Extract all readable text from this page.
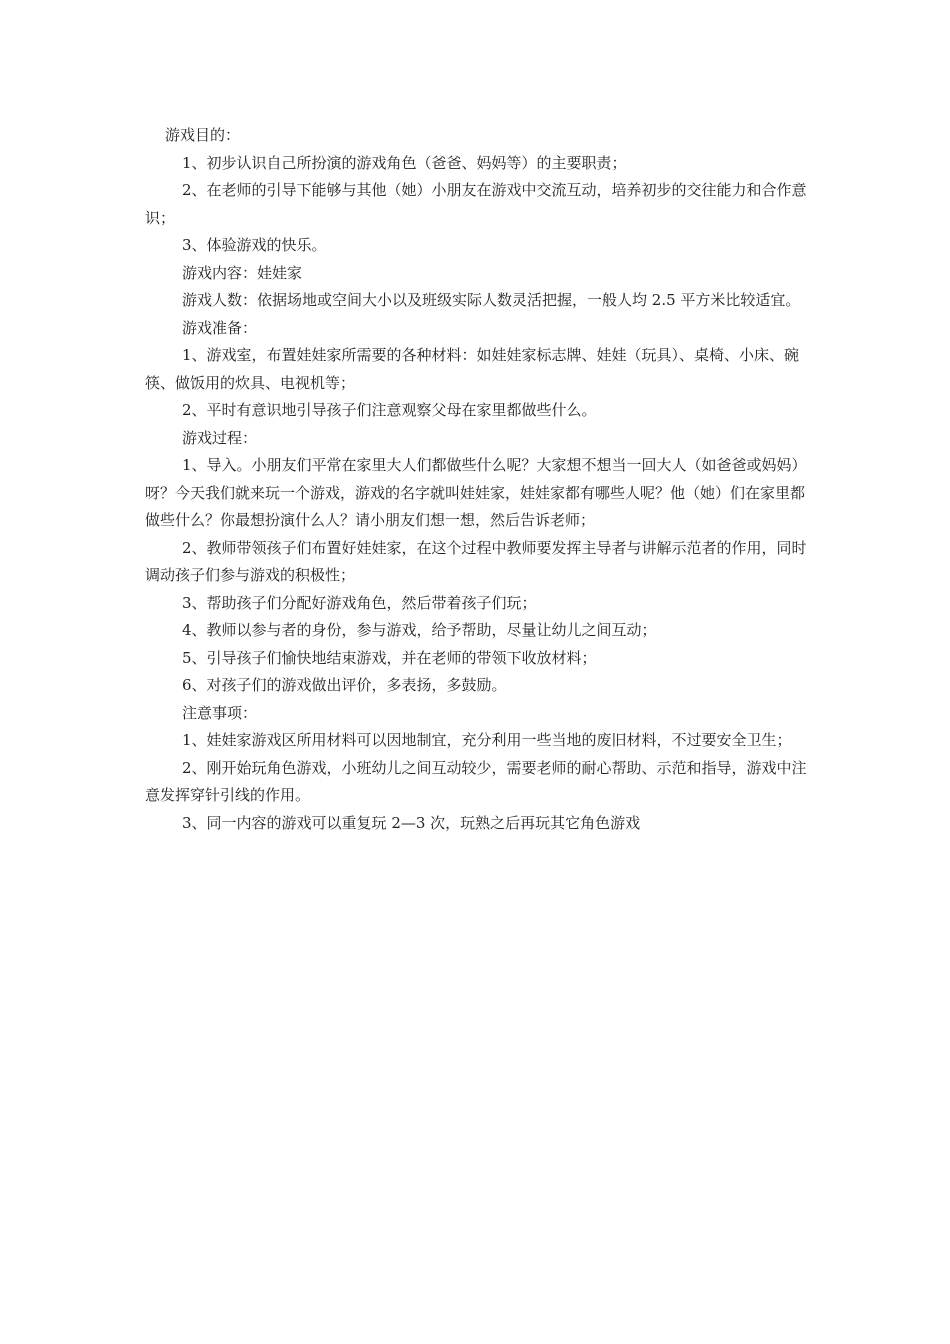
游戏目的：

1、初步认识自己所扮演的游戏角色（爸爸、妈妈等）的主要职责；

2、在老师的引导下能够与其他（她）小朋友在游戏中交流互动，培养初步的交往能力和合作意识；

3、体验游戏的快乐。

游戏内容：娃娃家

游戏人数：依据场地或空间大小以及班级实际人数灵活把握，一般人均 2.5 平方米比较适宜。

游戏准备：

1、游戏室，布置娃娃家所需要的各种材料：如娃娃家标志牌、娃娃（玩具）、桌椅、小床、碗筷、做饭用的炊具、电视机等；

2、平时有意识地引导孩子们注意观察父母在家里都做些什么。

游戏过程：

1、导入。小朋友们平常在家里大人们都做些什么呢？大家想不想当一回大人（如爸爸或妈妈）呀？今天我们就来玩一个游戏，游戏的名字就叫娃娃家，娃娃家都有哪些人呢？他（她）们在家里都做些什么？你最想扮演什么人？请小朋友们想一想，然后告诉老师；

2、教师带领孩子们布置好娃娃家，在这个过程中教师要发挥主导者与讲解示范者的作用，同时调动孩子们参与游戏的积极性；

3、帮助孩子们分配好游戏角色，然后带着孩子们玩；

4、教师以参与者的身份，参与游戏，给予帮助，尽量让幼儿之间互动；

5、引导孩子们愉快地结束游戏，并在老师的带领下收放材料；

6、对孩子们的游戏做出评价，多表扬，多鼓励。

注意事项：

1、娃娃家游戏区所用材料可以因地制宜，充分利用一些当地的废旧材料，不过要安全卫生；

2、刚开始玩角色游戏，小班幼儿之间互动较少，需要老师的耐心帮助、示范和指导，游戏中注意发挥穿针引线的作用。

3、同一内容的游戏可以重复玩 2—3 次，玩熟之后再玩其它角色游戏
